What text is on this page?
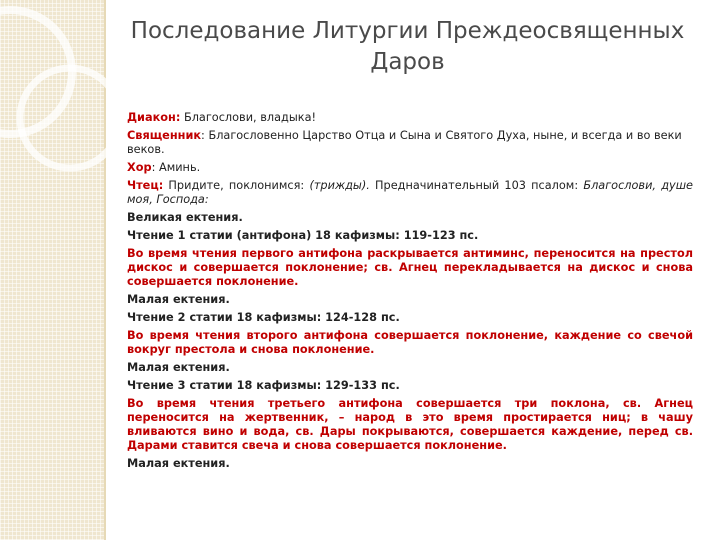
Последование Литургии Преждеосвященных
Даров

Диакон: Благослови, владыка!

Священник: Благословенно Царство Отца и Сына и Святого Духа, ныне, и всегда и во веки веков.

Хор: Аминь.

Чтец: Придите, поклонимся: (трижды). Предначинательный 103 псалом: Благослови, душе моя, Господа:

Великая ектения.

Чтение 1 статии (антифона) 18 кафизмы: 119-123 пс.

Во время чтения первого антифона раскрывается антиминс, переносится на престол дискос и совершается поклонение; св. Агнец перекладывается на дискос и снова совершается поклонение.

Малая ектения.

Чтение 2 статии 18 кафизмы: 124-128 пс.

Во время чтения второго антифона совершается поклонение, каждение со свечой вокруг престола и снова поклонение.

Малая ектения.

Чтение 3 статии 18 кафизмы: 129-133 пс.

Во время чтения третьего антифона совершается три поклона, св. Агнец переносится на жертвенник, – народ в это время простирается ниц; в чашу вливаются вино и вода, св. Дары покрываются, совершается каждение, перед св. Дарами ставится свеча и снова совершается поклонение.

Малая ектения.
